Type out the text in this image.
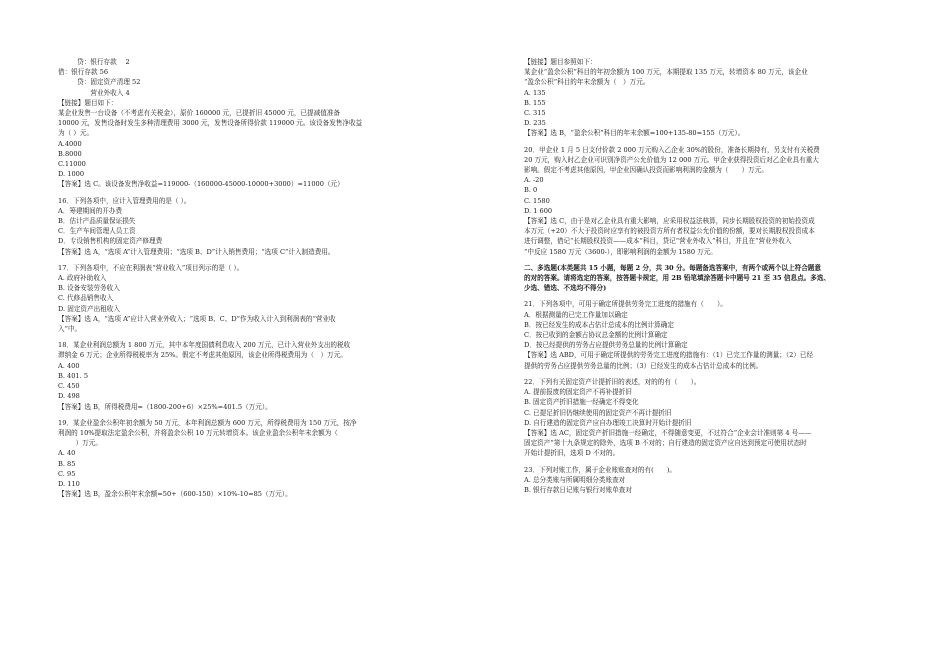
　　贷：银行存款　 2
借：银行存款 56
　　贷：固定资产清理 52
　　　　营业外收入 4
【链接】题目如下：
某企业发售一台设备（不考虑有关税金），原价 160000 元，已提折旧 45000 元，已提减值准备
10000 元，发售设备时发生多种清理费用 3000 元，发售设备所得价款 119000 元。该设备发售净收益
为（ ）元。
A.4000
B.8000
C.11000
D. 1000
【答案】选 C。该设备发售净收益=119000-（160000-45000-10000+3000）=11000（元）
16．下列各项中，应计入管理费用的是（ ）。
A．筹建期间的开办费
B．估计产品质量保证损失
C．生产车间管理人员工资
D．专设销售机构的固定资产修理费
【答案】选 A，“选项 A”计入管理费用；“选项 B、D”计入销售费用；“选项 C”计入制造费用。
17．下列各项中，不应在利润表“营业收入”项目列示的是（ ）。
A. 政府补助收入
B. 设备安装劳务收入
C. 代修品销售收入
D. 固定资产出租收入
【答案】选 A，“选项 A”应计入营业外收入；“选项 B、C、D”作为收入计入到利润表的“营业收
入”中。
18．某企业利润总额为 1 800 万元，其中本年度国债利息收入 200 万元，已计入营业外支出的税收
滞纳金 6 万元；企业所得税税率为 25%。假定不考虑其他原因，该企业所得税费用为（　）万元。
A. 400
B. 401. 5
C. 450
D. 498
【答案】选 B，所得税费用=（1800-200+6）×25%=401.5（万元）。
19．某企业盈余公积年初余额为 50 万元，本年利润总额为 600 万元，所得税费用为 150 万元，按净
利润的 10%提取法定盈余公积，并将盈余公积 10 万元转增资本。该企业盈余公积年末余额为（
　）万元。
A. 40
B. 85
C. 95
D. 110
【答案】选 B，盈余公积年末余额=50+（600-150）×10%-10=85（万元）。
【链接】题目参照如下：
某企业“盈余公积”科目的年初余额为 100 万元，本期提取 135 万元，转增资本 80 万元，该企业
“盈余公积”科目的年末余额为（　）万元。
A. 135
B. 155
C. 315
D. 235
【答案】选 B，“盈余公积”科目的年末余额=100+135-80=155（万元）。
20．甲企业 1 月 5 日支付价款 2 000 万元购入乙企业 30%的股份，准备长期持有，另支付有关税费
20 万元，购入时乙企业可识别净资产公允价值为 12 000 万元。甲企业获得投资后对乙企业具有重大
影响。假定不考虑其他原因，甲企业因确认投资而影响利润的金额为（　　）万元。
A. -20
B. 0
C. 1580
D. 1 600
【答案】选 C，由于是对乙企业具有重大影响，应采用权益法核算，同步长期股权投资的初始投资成
本万元（+20）不大于投资时应享有的被投资方所有者权益公允价值的份额，要对长期股权投资成本
进行调整，借记“长期股权投资——成本”科目，贷记“营业外收入”科目，并且在“营业外收入
”中反应 1580 万元（3600-），即影响利润的金额为 1580 万元。
二、多选题(本类题共 15 小题，每题 2 分，共 30 分。每题备选答案中，有两个或两个以上符合题意
的对的答案。请将选定的答案，按答题卡规定，用 2B 铅笔填涂答题卡中题号 21 至 35 信息点。多选、
少选、错选、不选均不得分)
21．下列各项中，可用于确定所提供劳务完工进度的措施有（　　）。
A．根据测量的已完工作量加以确定
B．按已经发生的成本占估计总成本的比例计算确定
C．按已收到的金额占协议总金额的比例计算确定
D．按已经提供的劳务占应提供劳务总量的比例计算确定
【答案】选 ABD，可用于确定所提供的劳务完工进度的措施有：（1）已完工作量的测量；（2）已经
提供的劳务占应提供劳务总量的比例；（3）已经发生的成本占估计总成本的比例。
22．下列有关固定资产计提折旧的表述，对的的有（　　）。
A. 提前报废的固定资产不再补提折旧
B. 固定资产折旧措施一经确定不得变化
C. 已提足折旧仍继续使用的固定资产不再计提折旧
D. 自行建造的固定资产应自办理竣工决算时开始计提折旧
【答案】选 AC，固定资产折旧措施一经确定，不得随意变更，不过符合“企业会计准则第 4 号——
固定资产”第十九条规定的除外，选项 B 不对的；自行建造的固定资产应自达到预定可使用状态时
开始计提折旧，选项 D 不对的。
23．下列对账工作，属于企业账账查对的有(　　)。
A. 总分类账与所属明细分类账查对
B. 银行存款日记账与银行对账单查对
